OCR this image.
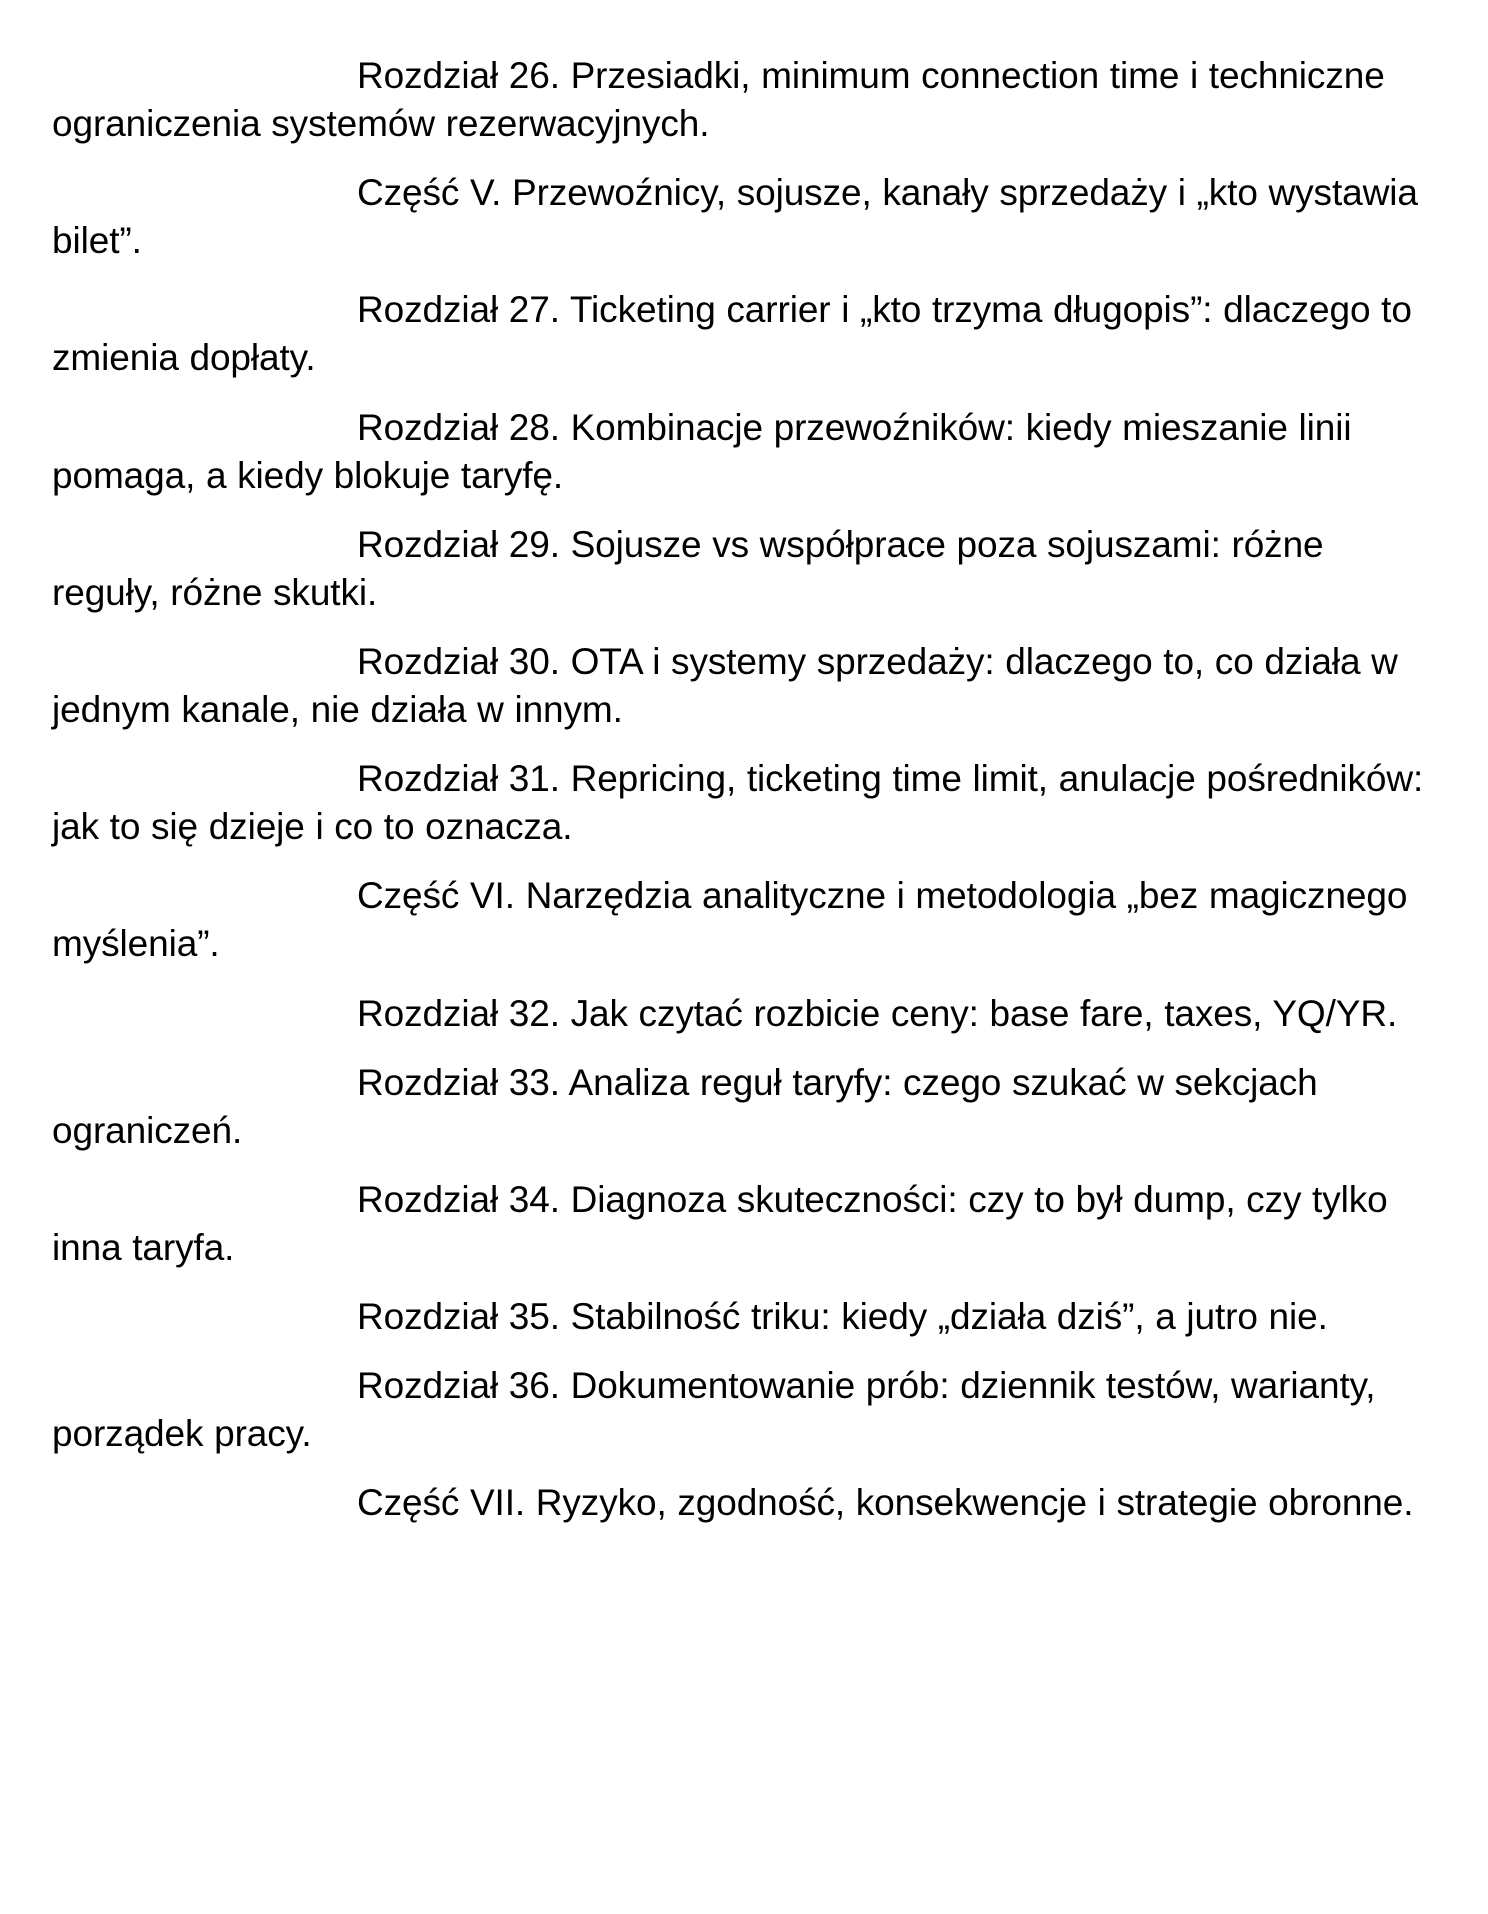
Rozdział 26. Przesiadki, minimum connection time i techniczne ograniczenia systemów rezerwacyjnych.

Część V. Przewoźnicy, sojusze, kanały sprzedaży i „kto wystawia bilet”.

Rozdział 27. Ticketing carrier i „kto trzyma długopis”: dlaczego to zmienia dopłaty.

Rozdział 28. Kombinacje przewoźników: kiedy mieszanie linii pomaga, a kiedy blokuje taryfę.

Rozdział 29. Sojusze vs współprace poza sojuszami: różne reguły, różne skutki.

Rozdział 30. OTA i systemy sprzedaży: dlaczego to, co działa w jednym kanale, nie działa w innym.

Rozdział 31. Repricing, ticketing time limit, anulacje pośredników: jak to się dzieje i co to oznacza.

Część VI. Narzędzia analityczne i metodologia „bez magicznego myślenia”.

Rozdział 32. Jak czytać rozbicie ceny: base fare, taxes, YQ/YR.

Rozdział 33. Analiza reguł taryfy: czego szukać w sekcjach ograniczeń.

Rozdział 34. Diagnoza skuteczności: czy to był dump, czy tylko inna taryfa.

Rozdział 35. Stabilność triku: kiedy „działa dziś”, a jutro nie.

Rozdział 36. Dokumentowanie prób: dziennik testów, warianty, porządek pracy.

Część VII. Ryzyko, zgodność, konsekwencje i strategie obronne.
